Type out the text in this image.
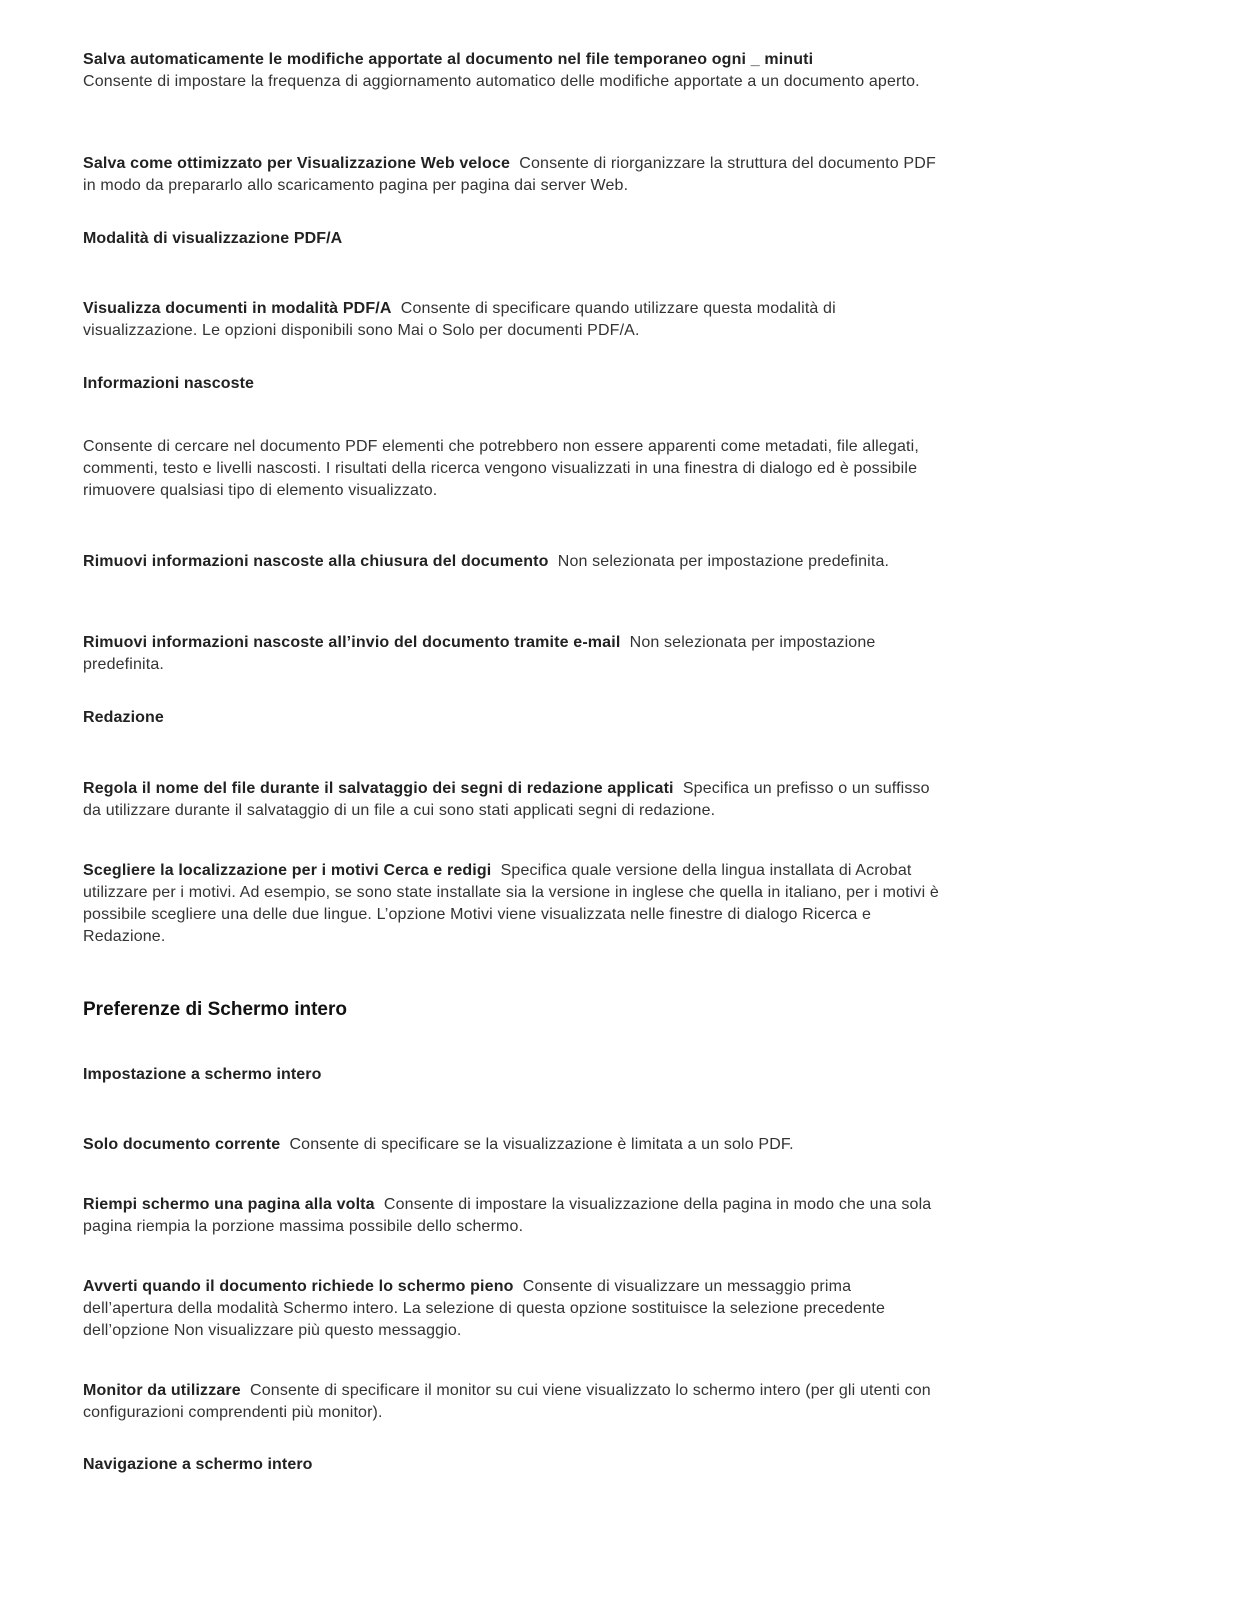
Salva automaticamente le modifiche apportate al documento nel file temporaneo ogni _ minuti
Consente di impostare la frequenza di aggiornamento automatico delle modifiche apportate a un documento aperto.
Salva come ottimizzato per Visualizzazione Web veloce Consente di riorganizzare la struttura del documento PDF in modo da prepararlo allo scaricamento pagina per pagina dai server Web.
Modalità di visualizzazione PDF/A
Visualizza documenti in modalità PDF/A Consente di specificare quando utilizzare questa modalità di visualizzazione. Le opzioni disponibili sono Mai o Solo per documenti PDF/A.
Informazioni nascoste
Consente di cercare nel documento PDF elementi che potrebbero non essere apparenti come metadati, file allegati, commenti, testo e livelli nascosti. I risultati della ricerca vengono visualizzati in una finestra di dialogo ed è possibile rimuovere qualsiasi tipo di elemento visualizzato.
Rimuovi informazioni nascoste alla chiusura del documento Non selezionata per impostazione predefinita.
Rimuovi informazioni nascoste all’invio del documento tramite e-mail Non selezionata per impostazione predefinita.
Redazione
Regola il nome del file durante il salvataggio dei segni di redazione applicati Specifica un prefisso o un suffisso da utilizzare durante il salvataggio di un file a cui sono stati applicati segni di redazione.
Scegliere la localizzazione per i motivi Cerca e redigi Specifica quale versione della lingua installata di Acrobat utilizzare per i motivi. Ad esempio, se sono state installate sia la versione in inglese che quella in italiano, per i motivi è possibile scegliere una delle due lingue. L’opzione Motivi viene visualizzata nelle finestre di dialogo Ricerca e Redazione.
Preferenze di Schermo intero
Impostazione a schermo intero
Solo documento corrente Consente di specificare se la visualizzazione è limitata a un solo PDF.
Riempi schermo una pagina alla volta Consente di impostare la visualizzazione della pagina in modo che una sola pagina riempia la porzione massima possibile dello schermo.
Avverti quando il documento richiede lo schermo pieno Consente di visualizzare un messaggio prima dell’apertura della modalità Schermo intero. La selezione di questa opzione sostituisce la selezione precedente dell’opzione Non visualizzare più questo messaggio.
Monitor da utilizzare Consente di specificare il monitor su cui viene visualizzato lo schermo intero (per gli utenti con configurazioni comprendenti più monitor).
Navigazione a schermo intero
